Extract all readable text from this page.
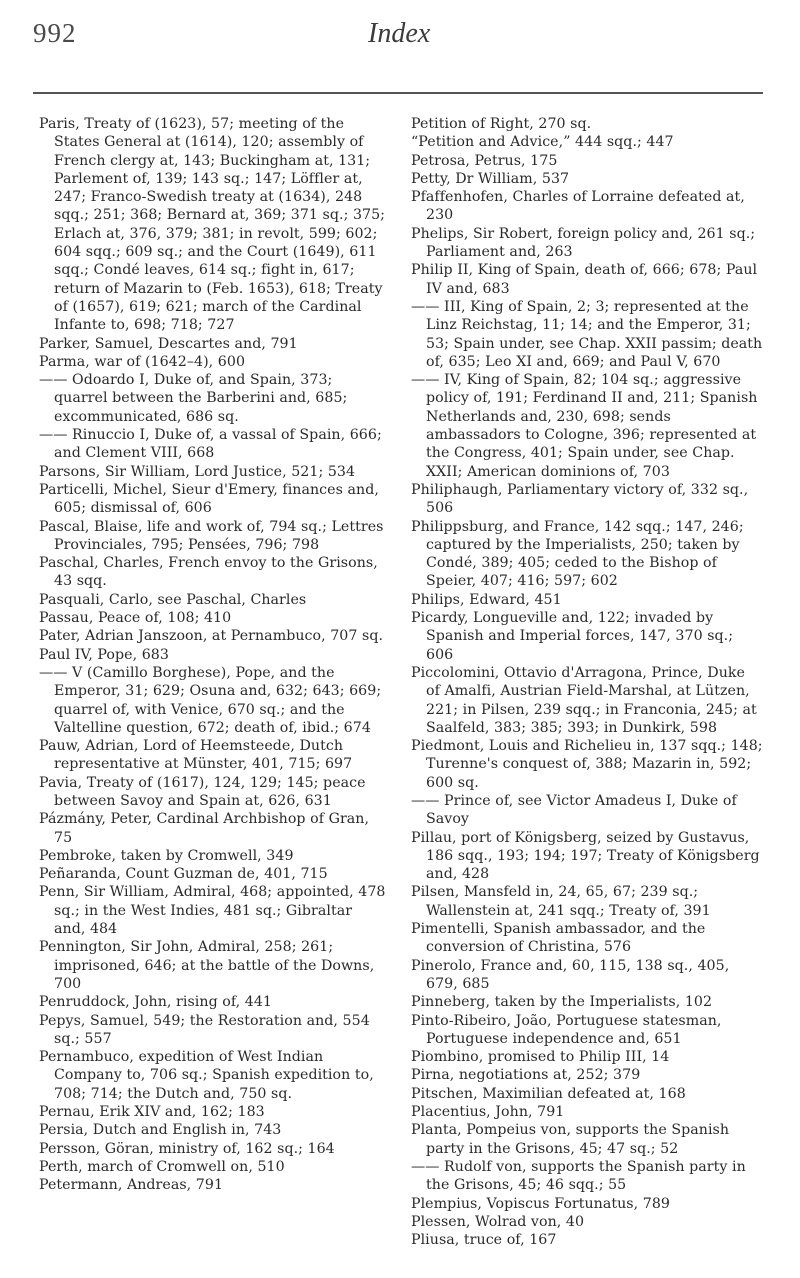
992	Index

Paris, Treaty of (1623), 57; meeting of the States General at (1614), 120; assembly of French clergy at, 143; Buckingham at, 131; Parlement of, 139; 143 sq.; 147; Löffler at, 247; Franco-Swedish treaty at (1634), 248 sqq.; 251; 368; Bernard at, 369; 371 sq.; 375; Erlach at, 376, 379; 381; in revolt, 599; 602; 604 sqq.; 609 sq.; and the Court (1649), 611 sqq.; Condé leaves, 614 sq.; fight in, 617; return of Mazarin to (Feb. 1653), 618; Treaty of (1657), 619; 621; march of the Cardinal Infante to, 698; 718; 727

Parker, Samuel, Descartes and, 791

Parma, war of (1642–4), 600

—— Odoardo I, Duke of, and Spain, 373; quarrel between the Barberini and, 685; excommunicated, 686 sq.

—— Rinuccio I, Duke of, a vassal of Spain, 666; and Clement VIII, 668

Parsons, Sir William, Lord Justice, 521; 534

Particelli, Michel, Sieur d'Emery, finances and, 605; dismissal of, 606

Pascal, Blaise, life and work of, 794 sq.; Lettres Provinciales, 795; Pensées, 796; 798

Paschal, Charles, French envoy to the Grisons, 43 sqq.

Pasquali, Carlo, see Paschal, Charles

Passau, Peace of, 108; 410

Pater, Adrian Janszoon, at Pernambuco, 707 sq.

Paul IV, Pope, 683

—— V (Camillo Borghese), Pope, and the Emperor, 31; 629; Osuna and, 632; 643; 669; quarrel of, with Venice, 670 sq.; and the Valtelline question, 672; death of, ibid.; 674

Pauw, Adrian, Lord of Heemsteede, Dutch representative at Münster, 401, 715; 697

Pavia, Treaty of (1617), 124, 129; 145; peace between Savoy and Spain at, 626, 631

Pázmány, Peter, Cardinal Archbishop of Gran, 75

Pembroke, taken by Cromwell, 349

Peñaranda, Count Guzman de, 401, 715

Penn, Sir William, Admiral, 468; appointed, 478 sq.; in the West Indies, 481 sq.; Gibraltar and, 484

Pennington, Sir John, Admiral, 258; 261; imprisoned, 646; at the battle of the Downs, 700

Penruddock, John, rising of, 441

Pepys, Samuel, 549; the Restoration and, 554 sq.; 557

Pernambuco, expedition of West Indian Company to, 706 sq.; Spanish expedition to, 708; 714; the Dutch and, 750 sq.

Pernau, Erik XIV and, 162; 183

Persia, Dutch and English in, 743

Persson, Göran, ministry of, 162 sq.; 164

Perth, march of Cromwell on, 510

Petermann, Andreas, 791

Petition of Right, 270 sq.

“Petition and Advice,” 444 sqq.; 447

Petrosa, Petrus, 175

Petty, Dr William, 537

Pfaffenhofen, Charles of Lorraine defeated at, 230

Phelips, Sir Robert, foreign policy and, 261 sq.; Parliament and, 263

Philip II, King of Spain, death of, 666; 678; Paul IV and, 683

—— III, King of Spain, 2; 3; represented at the Linz Reichstag, 11; 14; and the Emperor, 31; 53; Spain under, see Chap. XXII passim; death of, 635; Leo XI and, 669; and Paul V, 670

—— IV, King of Spain, 82; 104 sq.; aggressive policy of, 191; Ferdinand II and, 211; Spanish Netherlands and, 230, 698; sends ambassadors to Cologne, 396; represented at the Congress, 401; Spain under, see Chap. XXII; American dominions of, 703

Philiphaugh, Parliamentary victory of, 332 sq., 506

Philippsburg, and France, 142 sqq.; 147, 246; captured by the Imperialists, 250; taken by Condé, 389; 405; ceded to the Bishop of Speier, 407; 416; 597; 602

Philips, Edward, 451

Picardy, Longueville and, 122; invaded by Spanish and Imperial forces, 147, 370 sq.; 606

Piccolomini, Ottavio d'Arragona, Prince, Duke of Amalfi, Austrian Field-Marshal, at Lützen, 221; in Pilsen, 239 sqq.; in Franconia, 245; at Saalfeld, 383; 385; 393; in Dunkirk, 598

Piedmont, Louis and Richelieu in, 137 sqq.; 148; Turenne's conquest of, 388; Mazarin in, 592; 600 sq.

—— Prince of, see Victor Amadeus I, Duke of Savoy

Pillau, port of Königsberg, seized by Gustavus, 186 sqq., 193; 194; 197; Treaty of Königsberg and, 428

Pilsen, Mansfeld in, 24, 65, 67; 239 sq.; Wallenstein at, 241 sqq.; Treaty of, 391

Pimentelli, Spanish ambassador, and the conversion of Christina, 576

Pinerolo, France and, 60, 115, 138 sq., 405, 679, 685

Pinneberg, taken by the Imperialists, 102

Pinto-Ribeiro, João, Portuguese statesman, Portuguese independence and, 651

Piombino, promised to Philip III, 14

Pirna, negotiations at, 252; 379

Pitschen, Maximilian defeated at, 168

Placentius, John, 791

Planta, Pompeius von, supports the Spanish party in the Grisons, 45; 47 sq.; 52

—— Rudolf von, supports the Spanish party in the Grisons, 45; 46 sqq.; 55

Plempius, Vopiscus Fortunatus, 789

Plessen, Wolrad von, 40

Pliusa, truce of, 167
